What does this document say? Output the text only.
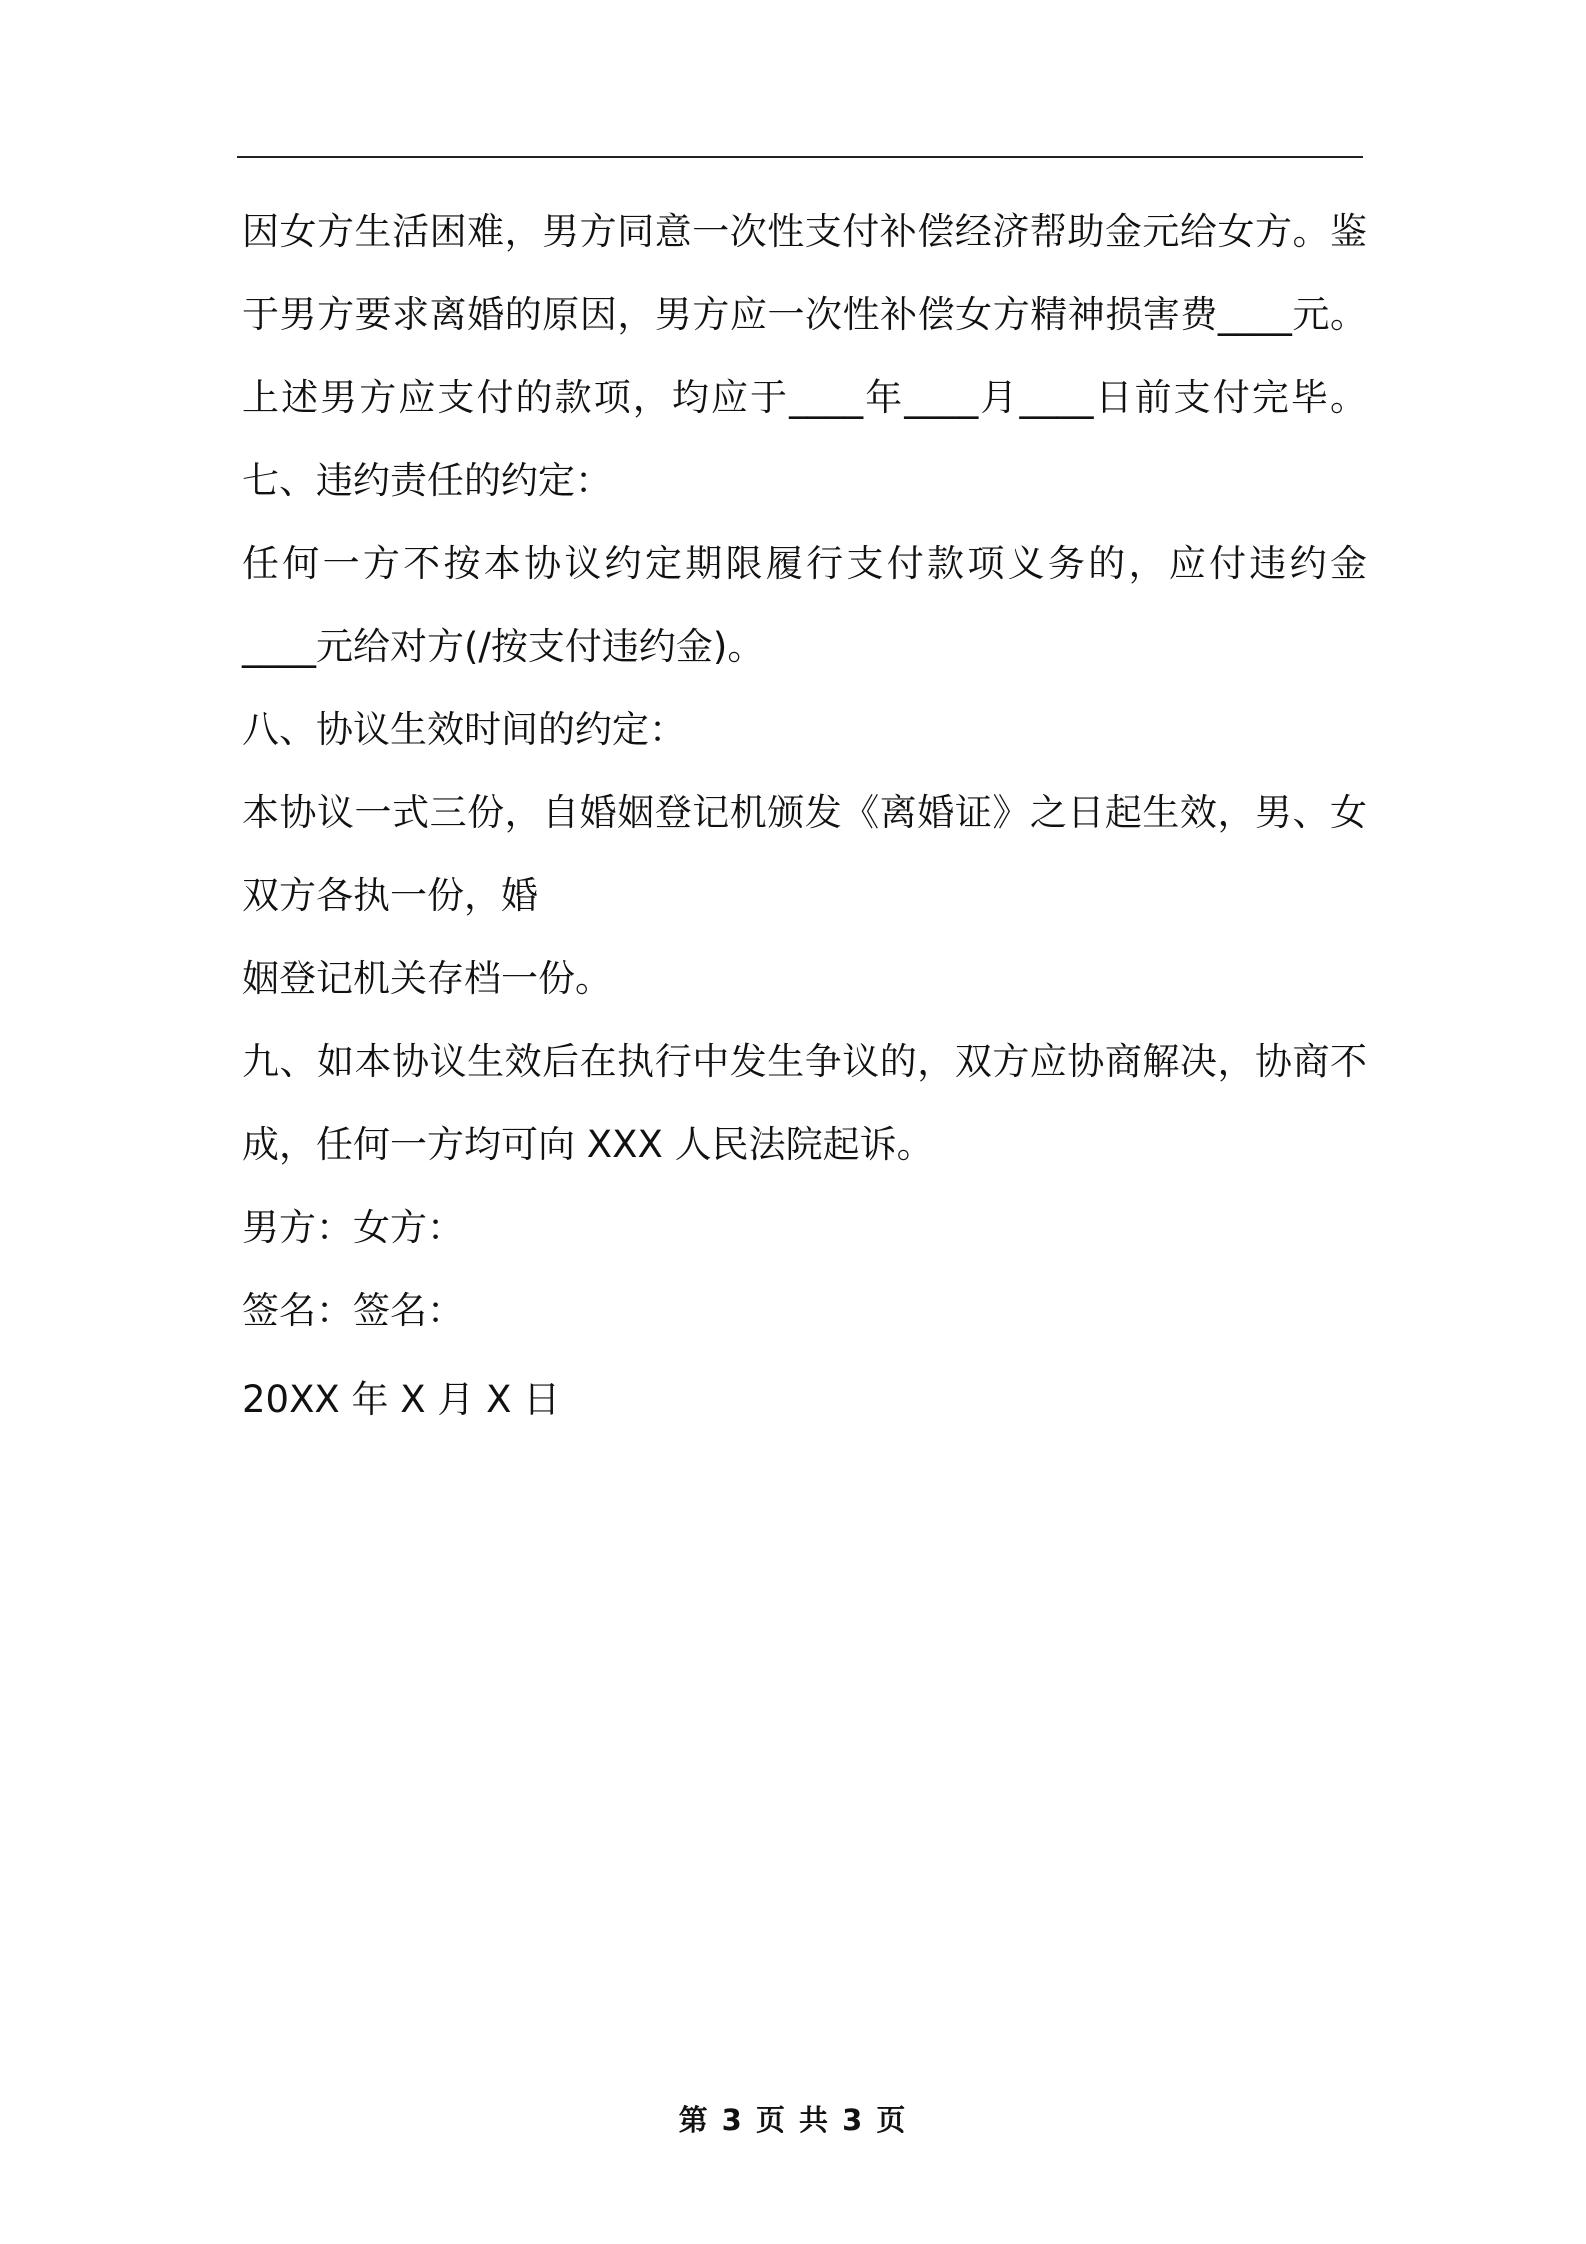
因女方生活困难，男方同意一次性支付补偿经济帮助金元给女方。鉴
于男方要求离婚的原因，男方应一次性补偿女方精神损害费____元。
上述男方应支付的款项，均应于____年____月____日前支付完毕。
七、违约责任的约定：
任何一方不按本协议约定期限履行支付款项义务的，应付违约金
____元给对方(/按支付违约金)。
八、协议生效时间的约定：
本协议一式三份，自婚姻登记机颁发《离婚证》之日起生效，男、女
双方各执一份，婚
姻登记机关存档一份。
九、如本协议生效后在执行中发生争议的，双方应协商解决，协商不
成，任何一方均可向 XXX 人民法院起诉。
男方：女方：
签名：签名：
20XX 年 X 月 X 日
第 3 页 共 3 页
